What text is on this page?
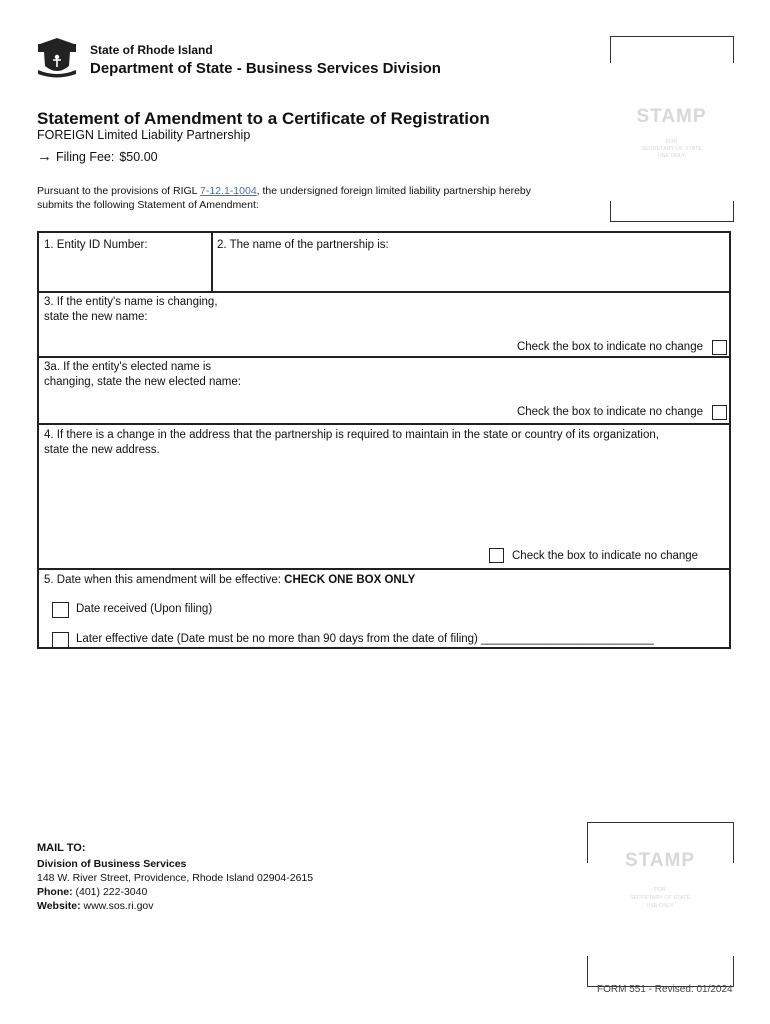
State of Rhode Island
Department of State - Business Services Division
Statement of Amendment to a Certificate of Registration
FOREIGN Limited Liability Partnership
→ Filing Fee: $50.00
Pursuant to the provisions of RIGL 7-12.1-1004, the undersigned foreign limited liability partnership hereby
submits the following Statement of Amendment:
STAMP
FOR
SECRETARY OF STATE
USE ONLY
1. Entity ID Number:	2. The name of the partnership is:
3. If the entity's name is changing,
state the new name:
Check the box to indicate no change
3a. If the entity's elected name is
changing, state the new elected name:
Check the box to indicate no change
4. If there is a change in the address that the partnership is required to maintain in the state or country of its organization,
state the new address.
Check the box to indicate no change
5. Date when this amendment will be effective: CHECK ONE BOX ONLY
Date received (Upon filing)
Later effective date (Date must be no more than 90 days from the date of filing) ___________________________
MAIL TO:
Division of Business Services
148 W. River Street, Providence, Rhode Island 02904-2615
Phone: (401) 222-3040
Website: www.sos.ri.gov
STAMP
FOR
SECRETARY OF STATE
USE ONLY
FORM 551 - Revised: 01/2024
